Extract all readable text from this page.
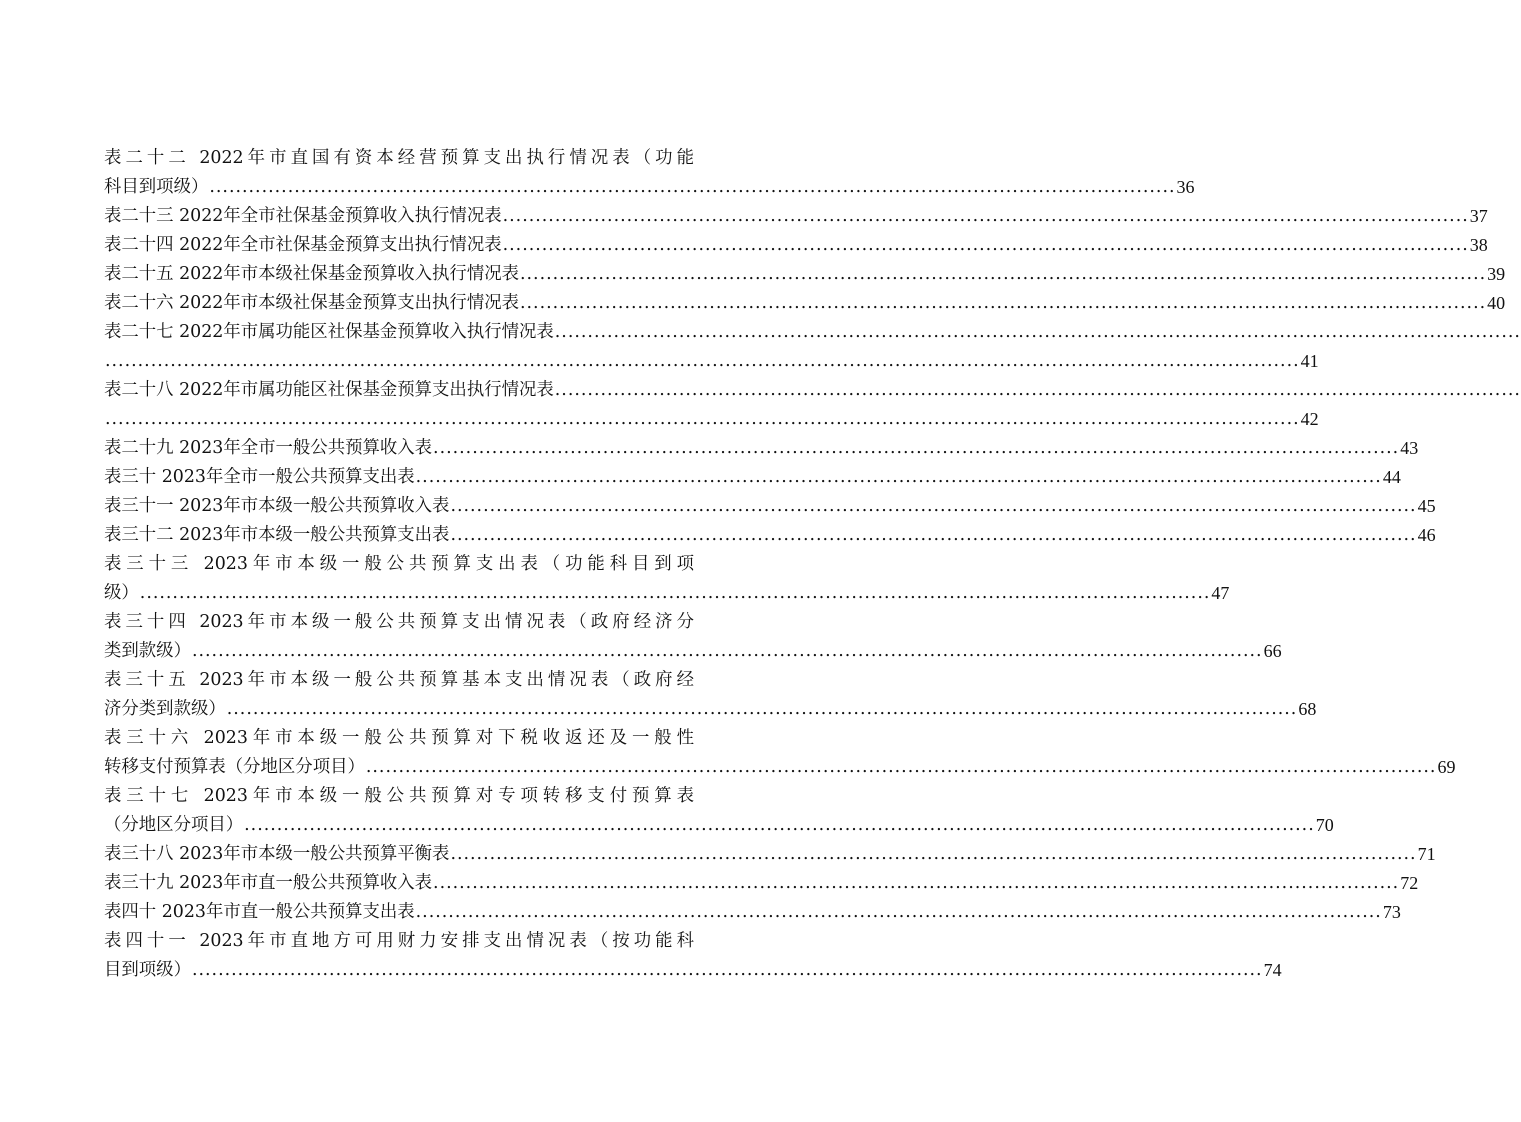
表二十二 2022年市直国有资本经营预算支出执行情况表（功能
科目到项级） .................................................................................................................................................... 36
表二十三 2022年全市社保基金预算收入执行情况表 .................................................................................................................................................... 37
表二十四 2022年全市社保基金预算支出执行情况表 .................................................................................................................................................... 38
表二十五 2022年市本级社保基金预算收入执行情况表 .................................................................................................................................................... 39
表二十六 2022年市本级社保基金预算支出执行情况表 .................................................................................................................................................... 40
表二十七 2022年市属功能区社保基金预算收入执行情况表 ....................................................................................................................................................
....................................................................................................................................................................................... 41
表二十八 2022年市属功能区社保基金预算支出执行情况表 ....................................................................................................................................................
....................................................................................................................................................................................... 42
表二十九 2023年全市一般公共预算收入表 .................................................................................................................................................... 43
表三十 2023年全市一般公共预算支出表 .................................................................................................................................................... 44
表三十一 2023年市本级一般公共预算收入表 .................................................................................................................................................... 45
表三十二 2023年市本级一般公共预算支出表 .................................................................................................................................................... 46
表三十三 2023年市本级一般公共预算支出表（功能科目到项
级） .................................................................................................................................................................... 47
表三十四 2023年市本级一般公共预算支出情况表（政府经济分
类到款级） .................................................................................................................................................................... 66
表三十五 2023年市本级一般公共预算基本支出情况表（政府经
济分类到款级） .................................................................................................................................................................... 68
表三十六 2023年市本级一般公共预算对下税收返还及一般性
转移支付预算表（分地区分项目） .................................................................................................................................................................... 69
表三十七 2023年市本级一般公共预算对专项转移支付预算表
（分地区分项目） .................................................................................................................................................................... 70
表三十八 2023年市本级一般公共预算平衡表 .................................................................................................................................................... 71
表三十九 2023年市直一般公共预算收入表 .................................................................................................................................................... 72
表四十 2023年市直一般公共预算支出表 .................................................................................................................................................... 73
表四十一 2023年市直地方可用财力安排支出情况表（按功能科
目到项级） .................................................................................................................................................................... 74
